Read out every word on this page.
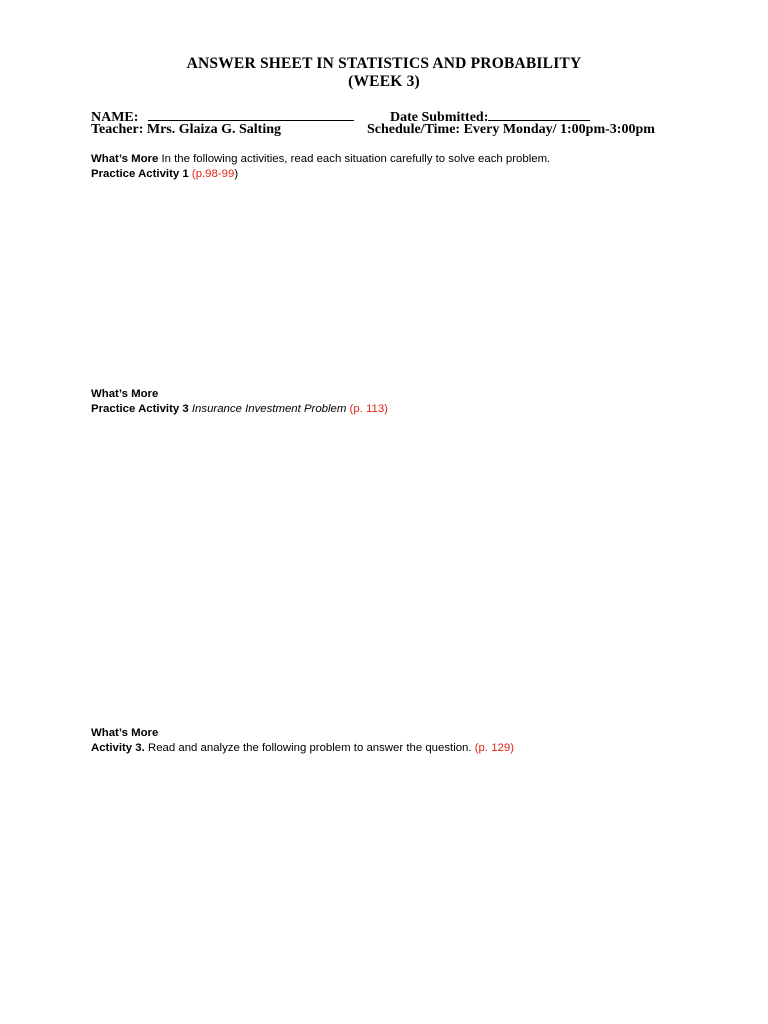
ANSWER SHEET IN STATISTICS AND PROBABILITY
(WEEK 3)
NAME:	Date Submitted:
Teacher: Mrs. Glaiza G. Salting	Schedule/Time: Every Monday/ 1:00pm-3:00pm
What’s More In the following activities, read each situation carefully to solve each problem.
Practice Activity 1 (p.98-99)
What’s More
Practice Activity 3 Insurance Investment Problem (p. 113)
What’s More
Activity 3. Read and analyze the following problem to answer the question. (p. 129)
